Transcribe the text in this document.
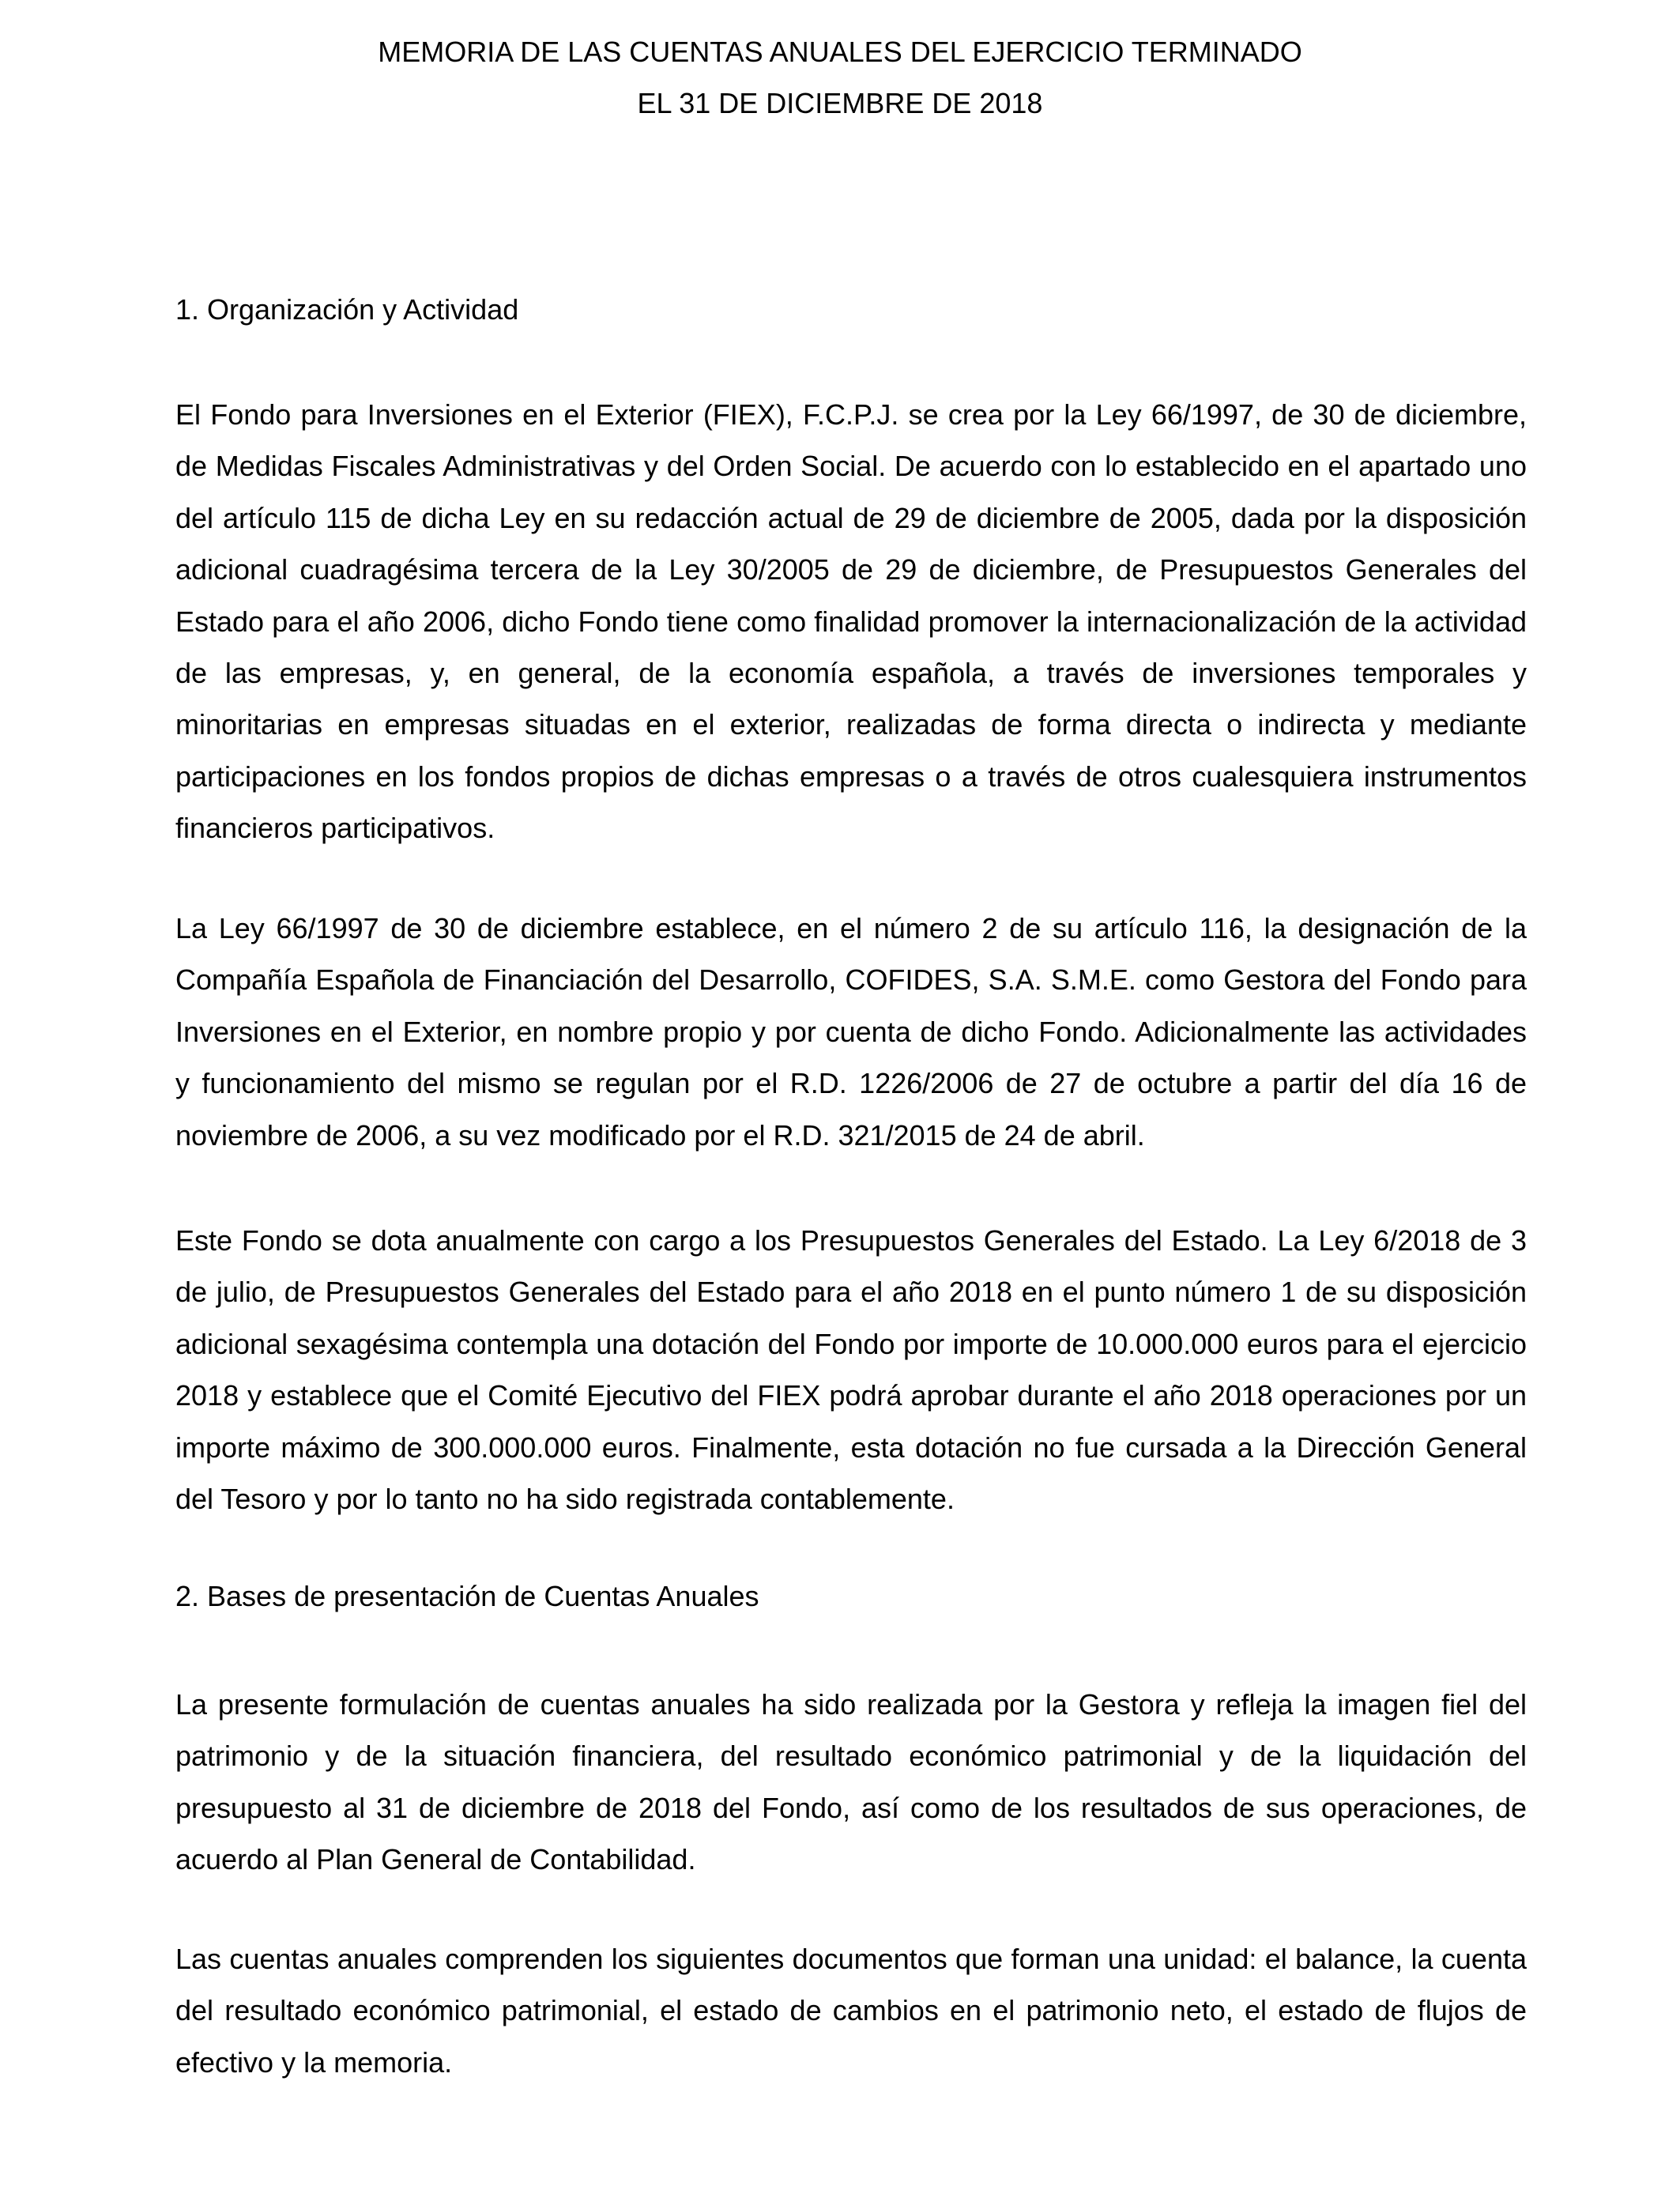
MEMORIA DE LAS CUENTAS ANUALES DEL EJERCICIO TERMINADO
EL 31 DE DICIEMBRE DE 2018
1. Organización y Actividad

El Fondo para Inversiones en el Exterior (FIEX), F.C.P.J. se crea por la Ley 66/1997, de 30 de diciembre, de Medidas Fiscales Administrativas y del Orden Social. De acuerdo con lo establecido en el apartado uno del artículo 115 de dicha Ley en su redacción actual de 29 de diciembre de 2005, dada por la disposición adicional cuadragésima tercera de la Ley 30/2005 de 29 de diciembre, de Presupuestos Generales del Estado para el año 2006, dicho Fondo tiene como finalidad promover la internacionalización de la actividad de las empresas, y, en general, de la economía española, a través de inversiones temporales y minoritarias en empresas situadas en el exterior, realizadas de forma directa o indirecta y mediante participaciones en los fondos propios de dichas empresas o a través de otros cualesquiera instrumentos financieros participativos.

La Ley 66/1997 de 30 de diciembre establece, en el número 2 de su artículo 116, la designación de la Compañía Española de Financiación del Desarrollo, COFIDES, S.A. S.M.E. como Gestora del Fondo para Inversiones en el Exterior, en nombre propio y por cuenta de dicho Fondo. Adicionalmente las actividades y funcionamiento del mismo se regulan por el R.D. 1226/2006 de 27 de octubre a partir del día 16 de noviembre de 2006, a su vez modificado por el R.D. 321/2015 de 24 de abril.

Este Fondo se dota anualmente con cargo a los Presupuestos Generales del Estado. La Ley 6/2018 de 3 de julio, de Presupuestos Generales del Estado para el año 2018 en el punto número 1 de su disposición adicional sexagésima contempla una dotación del Fondo por importe de 10.000.000 euros para el ejercicio 2018 y establece que el Comité Ejecutivo del FIEX podrá aprobar durante el año 2018 operaciones por un importe máximo de 300.000.000 euros. Finalmente, esta dotación no fue cursada a la Dirección General del Tesoro y por lo tanto no ha sido registrada contablemente.

2. Bases de presentación de Cuentas Anuales

La presente formulación de cuentas anuales ha sido realizada por la Gestora y refleja la imagen fiel del patrimonio y de la situación financiera, del resultado económico patrimonial y de la liquidación del presupuesto al 31 de diciembre de 2018 del Fondo, así como de los resultados de sus operaciones, de acuerdo al Plan General de Contabilidad.

Las cuentas anuales comprenden los siguientes documentos que forman una unidad: el balance, la cuenta del resultado económico patrimonial, el estado de cambios en el patrimonio neto, el estado de flujos de efectivo y la memoria.
